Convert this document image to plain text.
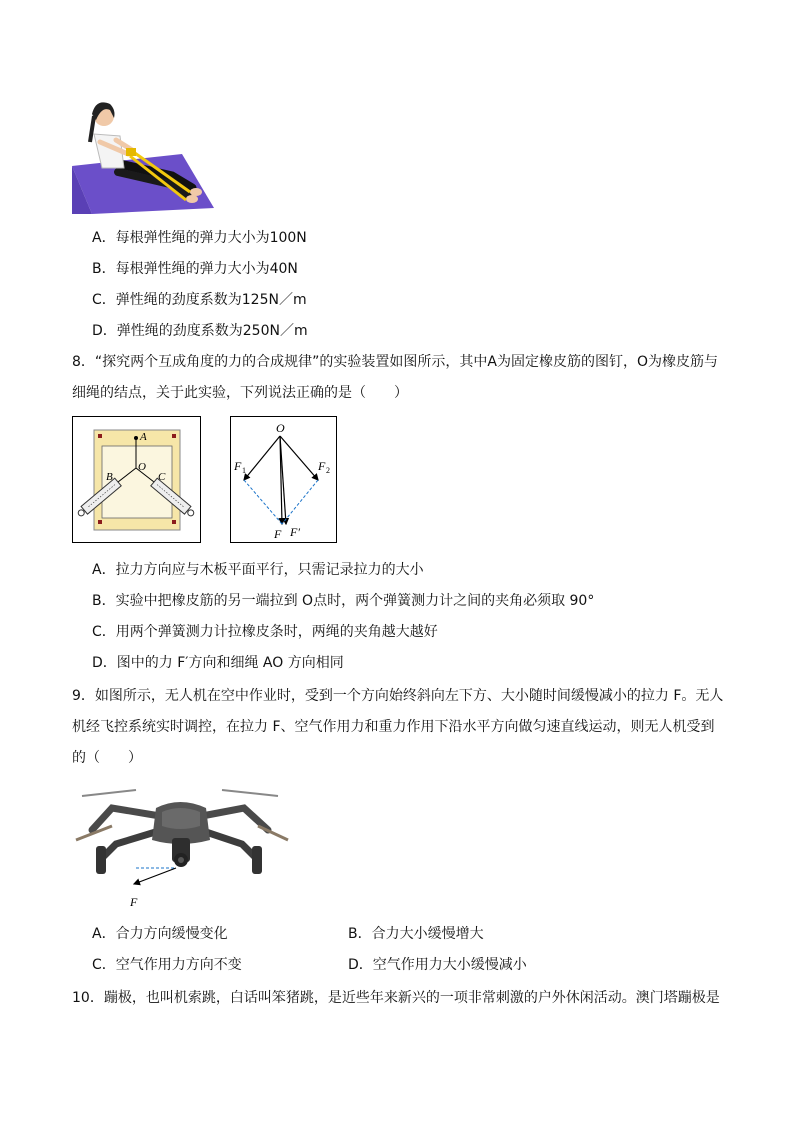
A．每根弹性绳的弹力大小为100N
B．每根弹性绳的弹力大小为40N
C．弹性绳的劲度系数为125N／m
D．弹性绳的劲度系数为250N／m
8．“探究两个互成角度的力的合成规律”的实验装置如图所示，其中A为固定橡皮筋的图钉，O为橡皮筋与
细绳的结点，关于此实验，下列说法正确的是（　　）
A
B
O
C
O
F 1	F 2
F F′
A．拉力方向应与木板平面平行，只需记录拉力的大小
B．实验中把橡皮筋的另一端拉到 O点时，两个弹簧测力计之间的夹角必须取 90°
C．用两个弹簧测力计拉橡皮条时，两绳的夹角越大越好
D．图中的力 F′方向和细绳 AO 方向相同
9．如图所示，无人机在空中作业时，受到一个方向始终斜向左下方、大小随时间缓慢减小的拉力 F。无人
机经飞控系统实时调控，在拉力 F、空气作用力和重力作用下沿水平方向做匀速直线运动，则无人机受到
的（　　）
F
A．合力方向缓慢变化	B．合力大小缓慢增大
C．空气作用力方向不变	D．空气作用力大小缓慢减小
10．蹦极，也叫机索跳，白话叫笨猪跳，是近些年来新兴的一项非常刺激的户外休闲活动。澳门塔蹦极是
